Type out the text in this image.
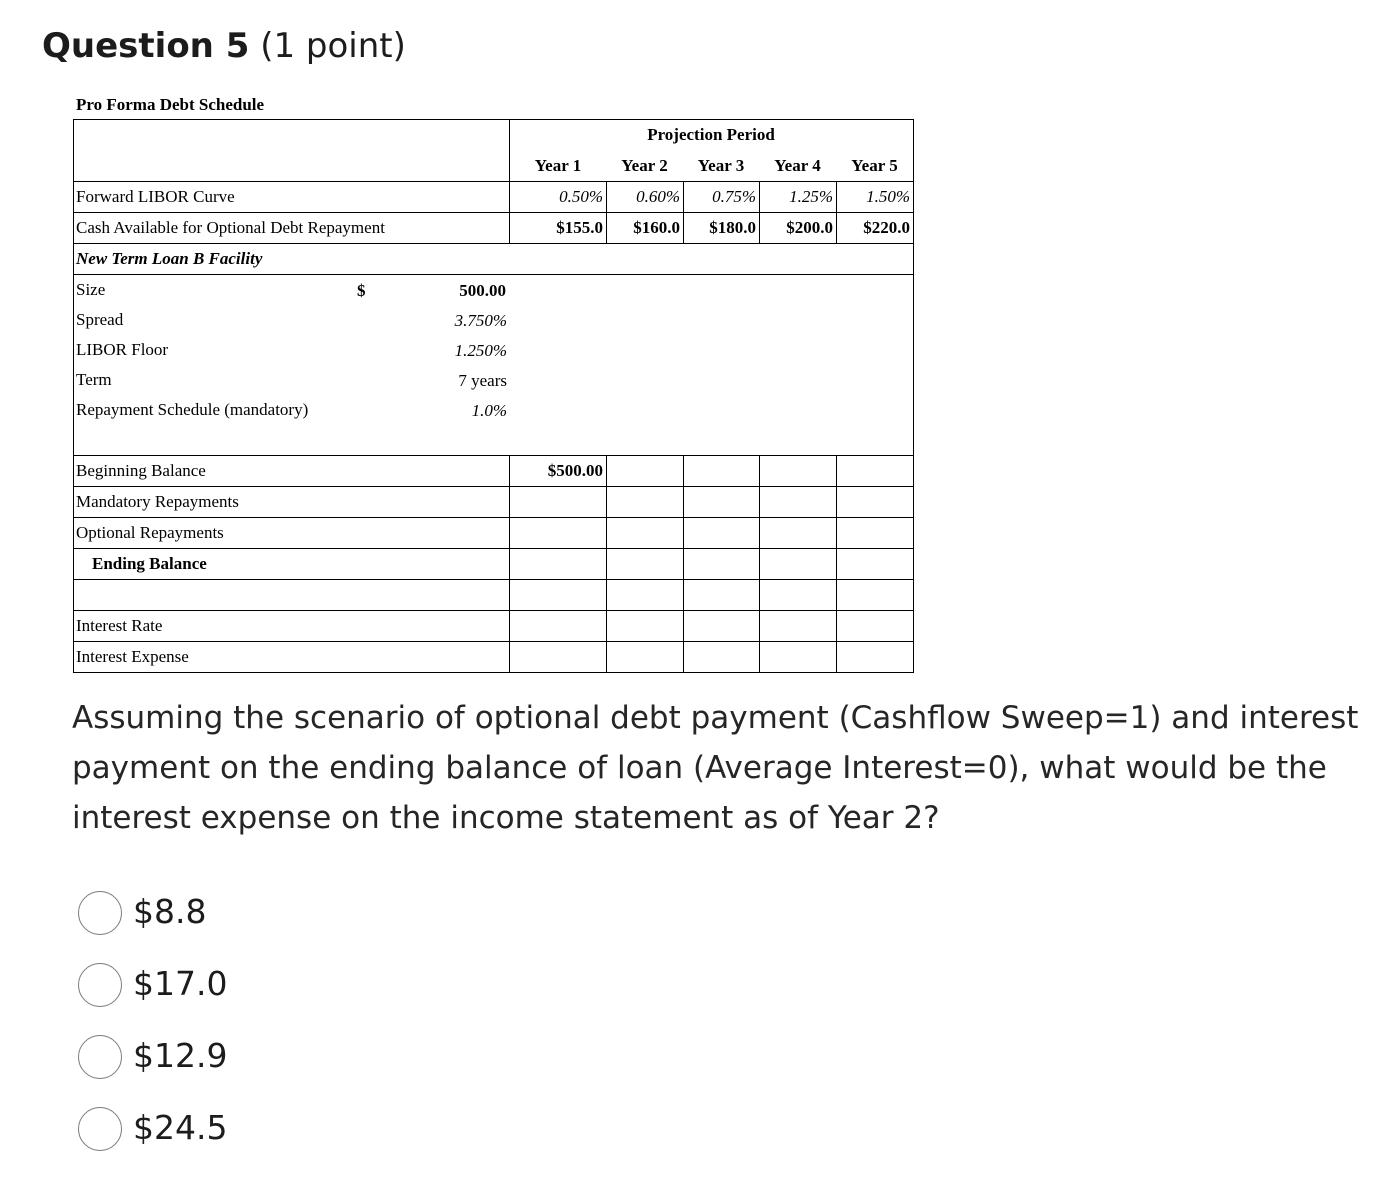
Question 5 (1 point)
Pro Forma Debt Schedule
Projection Period
Year 1	Year 2	Year 3	Year 4	Year 5
Forward LIBOR Curve	0.50%	0.60%	0.75%	1.25%	1.50%
Cash Available for Optional Debt Repayment	$155.0	$160.0	$180.0	$200.0	$220.0
New Term Loan B Facility
Size	$	500.00
Spread	3.750%
LIBOR Floor	1.250%
Term	7 years
Repayment Schedule (mandatory)	1.0%
Beginning Balance	$500.00
Mandatory Repayments
Optional Repayments
Ending Balance
Interest Rate
Interest Expense
Assuming the scenario of optional debt payment (Cashflow Sweep=1) and interest payment on the ending balance of loan (Average Interest=0), what would be the interest expense on the income statement as of Year 2?
$8.8
$17.0
$12.9
$24.5
